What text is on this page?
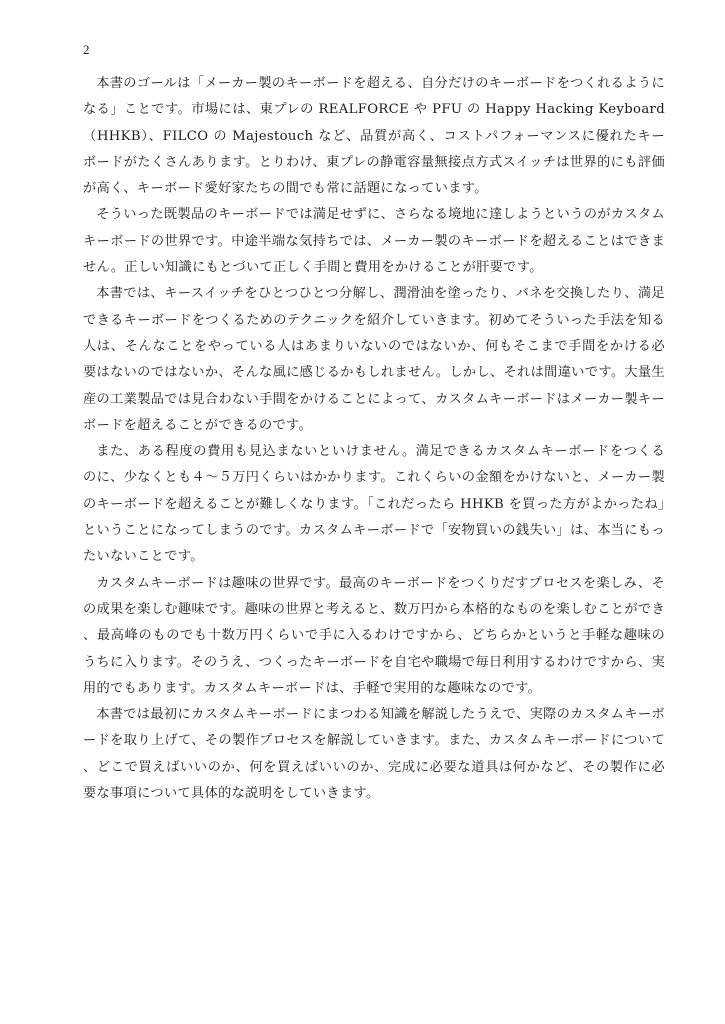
2

本書のゴールは「メーカー製のキーボードを超える、自分だけのキーボードをつくれるようになる」ことです。市場には、東プレの REALFORCE や PFU の Happy Hacking Keyboard（HHKB）、FILCO の Majestouch など、品質が高く、コストパフォーマンスに優れたキーボードがたくさんあります。とりわけ、東プレの静電容量無接点方式スイッチは世界的にも評価が高く、キーボード愛好家たちの間でも常に話題になっています。

そういった既製品のキーボードでは満足せずに、さらなる境地に達しようというのがカスタムキーボードの世界です。中途半端な気持ちでは、メーカー製のキーボードを超えることはできません。正しい知識にもとづいて正しく手間と費用をかけることが肝要です。

本書では、キースイッチをひとつひとつ分解し、潤滑油を塗ったり、バネを交換したり、満足できるキーボードをつくるためのテクニックを紹介していきます。初めてそういった手法を知る人は、そんなことをやっている人はあまりいないのではないか、何もそこまで手間をかける必要はないのではないか、そんな風に感じるかもしれません。しかし、それは間違いです。大量生産の工業製品では見合わない手間をかけることによって、カスタムキーボードはメーカー製キーボードを超えることができるのです。

また、ある程度の費用も見込まないといけません。満足できるカスタムキーボードをつくるのに、少なくとも４～５万円くらいはかかります。これくらいの金額をかけないと、メーカー製のキーボードを超えることが難しくなります。「これだったら HHKB を買った方がよかったね」ということになってしまうのです。カスタムキーボードで「安物買いの銭失い」は、本当にもったいないことです。

カスタムキーボードは趣味の世界です。最高のキーボードをつくりだすプロセスを楽しみ、その成果を楽しむ趣味です。趣味の世界と考えると、数万円から本格的なものを楽しむことができ、最高峰のものでも十数万円くらいで手に入るわけですから、どちらかというと手軽な趣味のうちに入ります。そのうえ、つくったキーボードを自宅や職場で毎日利用するわけですから、実用的でもあります。カスタムキーボードは、手軽で実用的な趣味なのです。

本書では最初にカスタムキーボードにまつわる知識を解説したうえで、実際のカスタムキーボードを取り上げて、その製作プロセスを解説していきます。また、カスタムキーボードについて、どこで買えばいいのか、何を買えばいいのか、完成に必要な道具は何かなど、その製作に必要な事項について具体的な説明をしていきます。
